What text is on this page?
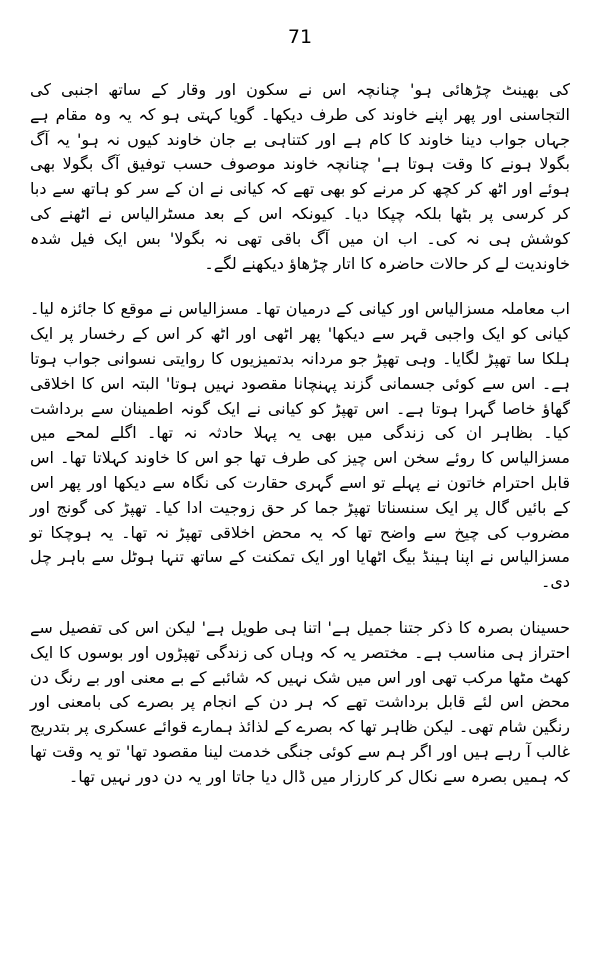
71

کی بھینٹ چڑھائی ہو' چنانچہ اس نے سکون اور وقار کے ساتھ اجنبی کی التجاسنی اور پھر اپنے خاوند کی طرف دیکھا۔ گویا کہتی ہو کہ یہ وہ مقام ہے جہاں جواب دینا خاوند کا کام ہے اور کتناہی بے جان خاوند کیوں نہ ہو' یہ آگ بگولا ہونے کا وقت ہوتا ہے' چنانچہ خاوند موصوف حسب توفیق آگ بگولا بھی ہوئے اور اٹھ کر کچھ کر مرنے کو بھی تھے کہ کیانی نے ان کے سر کو ہاتھ سے دبا کر کرسی پر بٹھا بلکہ چپکا دیا۔ کیونکہ اس کے بعد مسٹرالیاس نے اٹھنے کی کوشش ہی نہ کی۔ اب ان میں آگ باقی تھی نہ بگولا' بس ایک فیل شدہ خاوندیت لے کر حالات حاضرہ کا اتار چڑھاؤ دیکھنے لگے۔

اب معاملہ مسزالیاس اور کیانی کے درمیان تھا۔ مسزالیاس نے موقع کا جائزہ لیا۔ کیانی کو ایک واجبی قہر سے دیکھا' پھر اٹھی اور اٹھ کر اس کے رخسار پر ایک ہلکا سا تھپڑ لگایا۔ وہی تھپڑ جو مردانہ بدتمیزیوں کا روایتی نسوانی جواب ہوتا ہے۔ اس سے کوئی جسمانی گزند پہنچانا مقصود نہیں ہوتا' البتہ اس کا اخلاقی گھاؤ خاصا گہرا ہوتا ہے۔ اس تھپڑ کو کیانی نے ایک گونہ اطمینان سے برداشت کیا۔ بظاہر ان کی زندگی میں بھی یہ پہلا حادثہ نہ تھا۔ اگلے لمحے میں مسزالیاس کا روئے سخن اس چیز کی طرف تھا جو اس کا خاوند کہلاتا تھا۔ اس قابل احترام خاتون نے پہلے تو اسے گہری حقارت کی نگاہ سے دیکھا اور پھر اس کے بائیں گال پر ایک سنسناتا تھپڑ جما کر حق زوجیت ادا کیا۔ تھپڑ کی گونج اور مضروب کی چیخ سے واضح تھا کہ یہ محض اخلاقی تھپڑ نہ تھا۔ یہ ہوچکا تو مسزالیاس نے اپنا ہینڈ بیگ اٹھایا اور ایک تمکنت کے ساتھ تنہا ہوٹل سے باہر چل دی۔

حسینان بصرہ کا ذکر جتنا جمیل ہے' اتنا ہی طویل ہے' لیکن اس کی تفصیل سے احتراز ہی مناسب ہے۔ مختصر یہ کہ وہاں کی زندگی تھپڑوں اور بوسوں کا ایک کھٹ مٹھا مرکب تھی اور اس میں شک نہیں کہ شائبے کے بے معنی اور بے رنگ دن محض اس لئے قابل برداشت تھے کہ ہر دن کے انجام پر بصرے کی بامعنی اور رنگین شام تھی۔ لیکن ظاہر تھا کہ بصرے کے لذائذ ہمارے قوائے عسکری پر بتدریج غالب آ رہے ہیں اور اگر ہم سے کوئی جنگی خدمت لینا مقصود تھا' تو یہ وقت تھا کہ ہمیں بصرہ سے نکال کر کارزار میں ڈال دیا جاتا اور یہ دن دور نہیں تھا۔
